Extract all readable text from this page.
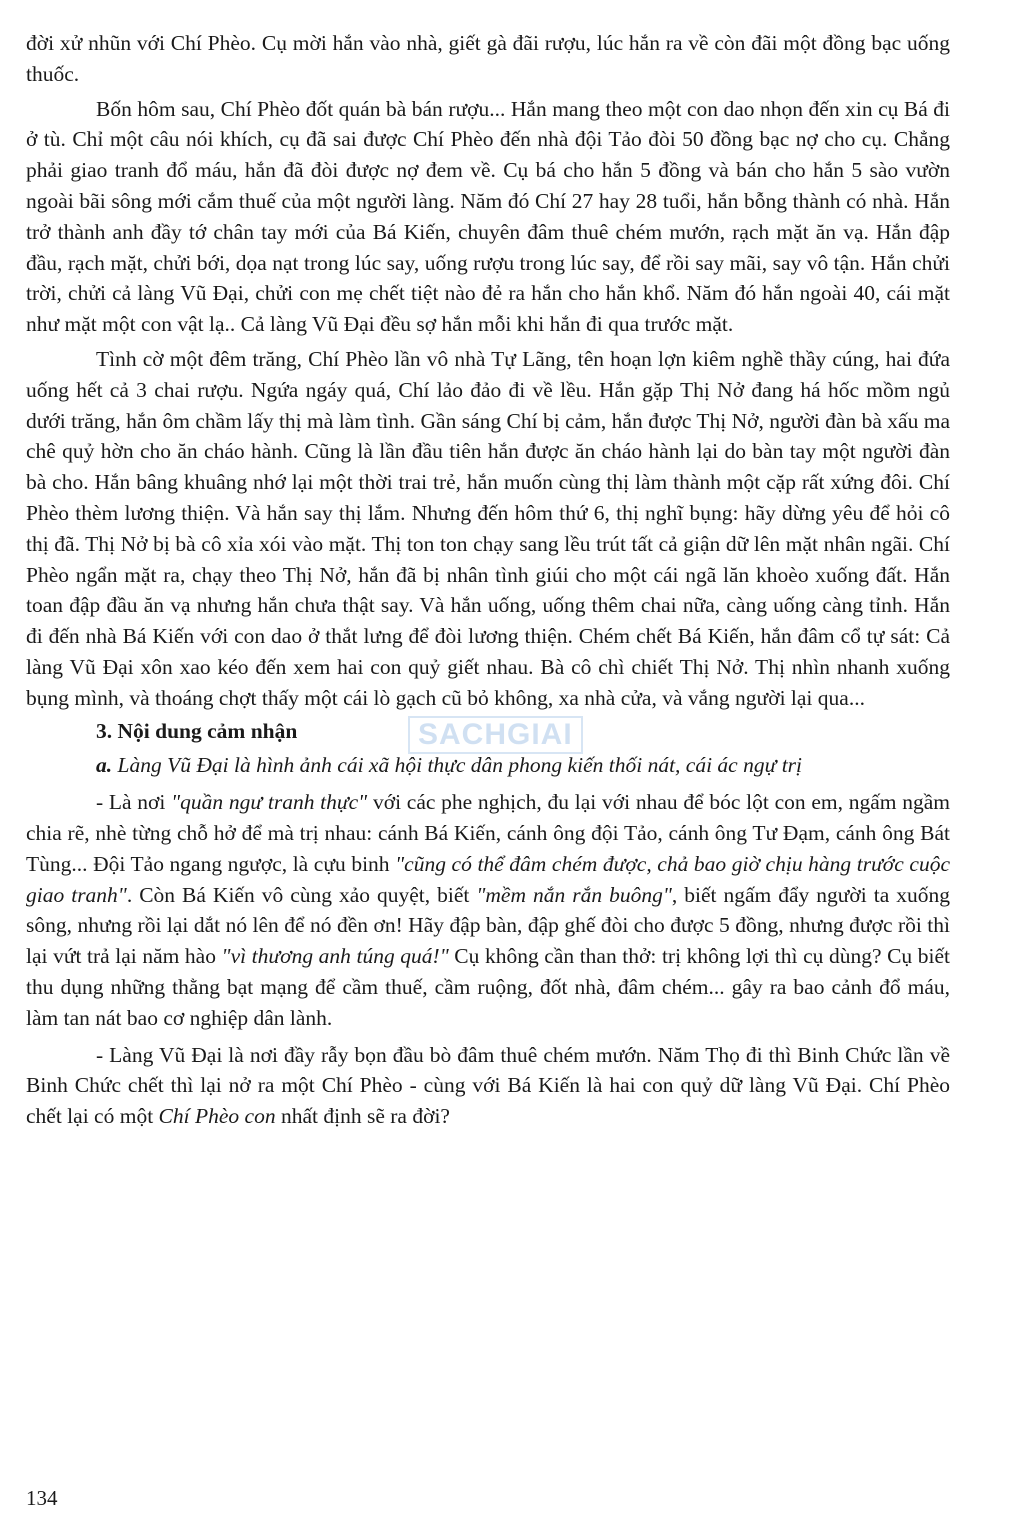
đời xử nhũn với Chí Phèo. Cụ mời hắn vào nhà, giết gà đãi rượu, lúc hắn ra về còn đãi một đồng bạc uống thuốc.

Bốn hôm sau, Chí Phèo đốt quán bà bán rượu... Hắn mang theo một con dao nhọn đến xin cụ Bá đi ở tù. Chỉ một câu nói khích, cụ đã sai được Chí Phèo đến nhà đội Tảo đòi 50 đồng bạc nợ cho cụ. Chẳng phải giao tranh đổ máu, hắn đã đòi được nợ đem về. Cụ bá cho hắn 5 đồng và bán cho hắn 5 sào vườn ngoài bãi sông mới cắm thuế của một người làng. Năm đó Chí 27 hay 28 tuổi, hắn bỗng thành có nhà. Hắn trở thành anh đầy tớ chân tay mới của Bá Kiến, chuyên đâm thuê chém mướn, rạch mặt ăn vạ. Hắn đập đầu, rạch mặt, chửi bới, dọa nạt trong lúc say, uống rượu trong lúc say, để rồi say mãi, say vô tận. Hắn chửi trời, chửi cả làng Vũ Đại, chửi con mẹ chết tiệt nào đẻ ra hắn cho hắn khổ. Năm đó hắn ngoài 40, cái mặt như mặt một con vật lạ.. Cả làng Vũ Đại đều sợ hắn mỗi khi hắn đi qua trước mặt.

Tình cờ một đêm trăng, Chí Phèo lần vô nhà Tự Lãng, tên hoạn lợn kiêm nghề thầy cúng, hai đứa uống hết cả 3 chai rượu. Ngứa ngáy quá, Chí lảo đảo đi về lều. Hắn gặp Thị Nở đang há hốc mồm ngủ dưới trăng, hắn ôm chầm lấy thị mà làm tình. Gần sáng Chí bị cảm, hắn được Thị Nở, người đàn bà xấu ma chê quỷ hờn cho ăn cháo hành. Cũng là lần đầu tiên hắn được ăn cháo hành lại do bàn tay một người đàn bà cho. Hắn bâng khuâng nhớ lại một thời trai trẻ, hắn muốn cùng thị làm thành một cặp rất xứng đôi. Chí Phèo thèm lương thiện. Và hắn say thị lắm. Nhưng đến hôm thứ 6, thị nghĩ bụng: hãy dừng yêu để hỏi cô thị đã. Thị Nở bị bà cô xỉa xói vào mặt. Thị ton ton chạy sang lều trút tất cả giận dữ lên mặt nhân ngãi. Chí Phèo ngẩn mặt ra, chạy theo Thị Nở, hắn đã bị nhân tình giúi cho một cái ngã lăn khoèo xuống đất. Hắn toan đập đầu ăn vạ nhưng hắn chưa thật say. Và hắn uống, uống thêm chai nữa, càng uống càng tỉnh. Hắn đi đến nhà Bá Kiến với con dao ở thắt lưng để đòi lương thiện. Chém chết Bá Kiến, hắn đâm cổ tự sát: Cả làng Vũ Đại xôn xao kéo đến xem hai con quỷ giết nhau. Bà cô chì chiết Thị Nở. Thị nhìn nhanh xuống bụng mình, và thoáng chợt thấy một cái lò gạch cũ bỏ không, xa nhà cửa, và vắng người lại qua...

3. Nội dung cảm nhận

a. Làng Vũ Đại là hình ảnh cái xã hội thực dân phong kiến thối nát, cái ác ngự trị

- Là nơi "quần ngư tranh thực" với các phe nghịch, đu lại với nhau để bóc lột con em, ngấm ngầm chia rẽ, nhè từng chỗ hở để mà trị nhau: cánh Bá Kiến, cánh ông đội Tảo, cánh ông Tư Đạm, cánh ông Bát Tùng... Đội Tảo ngang ngược, là cựu binh "cũng có thể đâm chém được, chả bao giờ chịu hàng trước cuộc giao tranh". Còn Bá Kiến vô cùng xảo quyệt, biết "mềm nắn rắn buông", biết ngấm đẩy người ta xuống sông, nhưng rồi lại dắt nó lên để nó đền ơn! Hãy đập bàn, đập ghế đòi cho được 5 đồng, nhưng được rồi thì lại vứt trả lại năm hào "vì thương anh túng quá!" Cụ không cần than thở: trị không lợi thì cụ dùng? Cụ biết thu dụng những thằng bạt mạng để cầm thuế, cầm ruộng, đốt nhà, đâm chém... gây ra bao cảnh đổ máu, làm tan nát bao cơ nghiệp dân lành.

- Làng Vũ Đại là nơi đầy rẫy bọn đầu bò đâm thuê chém mướn. Năm Thọ đi thì Binh Chức lần về Binh Chức chết thì lại nở ra một Chí Phèo - cùng với Bá Kiến là hai con quỷ dữ làng Vũ Đại. Chí Phèo chết lại có một Chí Phèo con nhất định sẽ ra đời?

SACHGIAI
134
